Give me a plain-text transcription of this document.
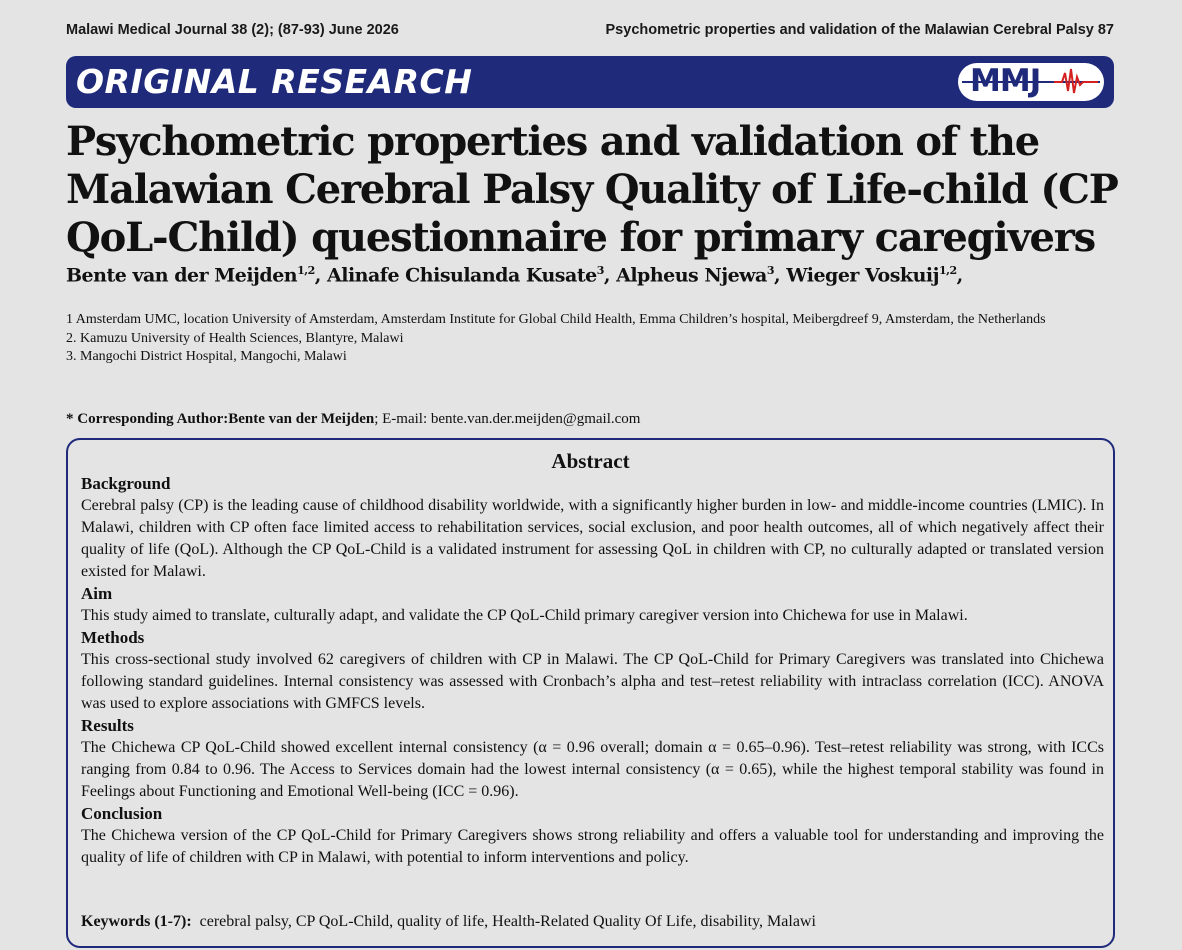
Malawi Medical Journal 38 (2); (87-93) June 2026	Psychometric properties and validation of the Malawian Cerebral Palsy 87
ORIGINAL RESEARCH	MMJ
Psychometric properties and validation of the Malawian Cerebral Palsy Quality of Life-child (CP QoL-Child) questionnaire for primary caregivers
Bente van der Meijden$^{1,2}$, Alinafe Chisulanda Kusate$^3$, Alpheus Njewa$^3$, Wieger Voskuij$^{1,2}$,
1 Amsterdam UMC, location University of Amsterdam, Amsterdam Institute for Global Child Health, Emma Children’s hospital, Meibergdreef 9, Amsterdam, the Netherlands
2. Kamuzu University of Health Sciences, Blantyre, Malawi
3. Mangochi District Hospital, Mangochi, Malawi
* Corresponding Author:Bente van der Meijden; E-mail: bente.van.der.meijden@gmail.com
Abstract
Background

Cerebral palsy (CP) is the leading cause of childhood disability worldwide, with a significantly higher burden in low- and middle-income countries (LMIC). In Malawi, children with CP often face limited access to rehabilitation services, social exclusion, and poor health outcomes, all of which negatively affect their quality of life (QoL). Although the CP QoL-Child is a validated instrument for assessing QoL in children with CP, no culturally adapted or translated version existed for Malawi.

Aim

This study aimed to translate, culturally adapt, and validate the CP QoL-Child primary caregiver version into Chichewa for use in Malawi.

Methods

This cross-sectional study involved 62 caregivers of children with CP in Malawi. The CP QoL-Child for Primary Caregivers was translated into Chichewa following standard guidelines. Internal consistency was assessed with Cronbach’s alpha and test–retest reliability with intraclass correlation (ICC). ANOVA was used to explore associations with GMFCS levels.

Results

The Chichewa CP QoL-Child showed excellent internal consistency (α = 0.96 overall; domain α = 0.65–0.96). Test–retest reliability was strong, with ICCs ranging from 0.84 to 0.96. The Access to Services domain had the lowest internal consistency (α = 0.65), while the highest temporal stability was found in Feelings about Functioning and Emotional Well-being (ICC = 0.96).

Conclusion

The Chichewa version of the CP QoL-Child for Primary Caregivers shows strong reliability and offers a valuable tool for understanding and improving the quality of life of children with CP in Malawi, with potential to inform interventions and policy.

Keywords (1-7): cerebral palsy, CP QoL-Child, quality of life, Health-Related Quality Of Life, disability, Malawi
